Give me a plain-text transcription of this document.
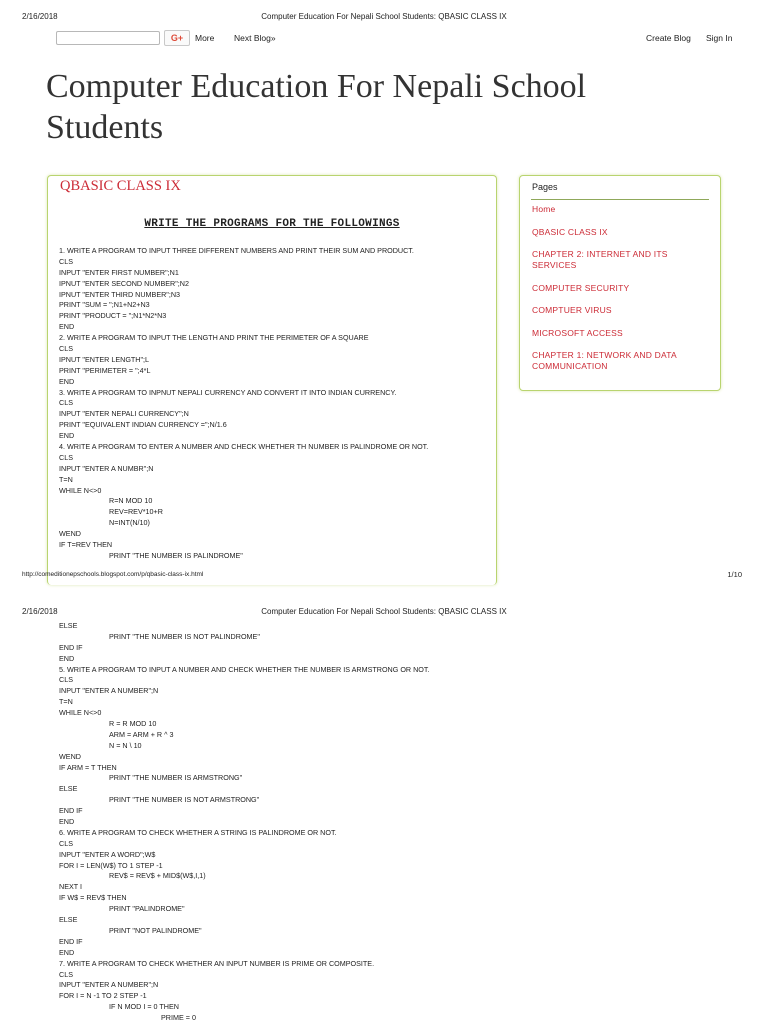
2/16/2018	Computer Education For Nepali School Students: QBASIC CLASS IX
G+	More Next Blog»	Create Blog Sign In
Computer Education For Nepali School
Students
QBASIC CLASS IX
WRITE THE PROGRAMS FOR THE FOLLOWINGS
1. WRITE A PROGRAM TO INPUT THREE DIFFERENT NUMBERS AND PRINT THEIR SUM AND PRODUCT.
CLS
INPUT "ENTER FIRST NUMBER";N1
IPNUT "ENTER SECOND NUMBER";N2
IPNUT "ENTER THIRD NUMBER";N3
PRINT "SUM = ";N1+N2+N3
PRINT "PRODUCT = ";N1*N2*N3
END
2. WRITE A PROGRAM TO INPUT THE LENGTH AND PRINT THE PERIMETER OF A SQUARE
CLS
IPNUT "ENTER LENGTH";L
PRINT "PERIMETER = ";4*L
END
3. WRITE A PROGRAM TO INPNUT NEPALI CURRENCY AND CONVERT IT INTO INDIAN CURRENCY.
CLS
INPUT "ENTER NEPALI CURRENCY";N
PRINT "EQUIVALENT INDIAN CURRENCY =";N/1.6
END
4. WRITE A PROGRAM TO ENTER A NUMBER AND CHECK WHETHER TH NUMBER IS PALINDROME OR NOT.
CLS
INPUT "ENTER A NUMBR";N
T=N
WHILE N<>0
R=N MOD 10
REV=REV*10+R
N=INT(N/10)
WEND
IF T=REV THEN
PRINT "THE NUMBER IS PALINDROME"
Pages
Home
QBASIC CLASS IX
CHAPTER 2: INTERNET AND ITS SERVICES
COMPUTER SECURITY
COMPTUER VIRUS
MICROSOFT ACCESS
CHAPTER 1: NETWORK AND DATA COMMUNICATION
http://comeditionepschools.blogspot.com/p/qbasic-class-ix.html	1/10
2/16/2018	Computer Education For Nepali School Students: QBASIC CLASS IX
ELSE
PRINT "THE NUMBER IS NOT PALINDROME"
END IF
END
5. WRITE A PROGRAM TO INPUT A NUMBER AND CHECK WHETHER THE NUMBER IS ARMSTRONG OR NOT.
CLS
INPUT "ENTER A NUMBER";N
T=N
WHILE N<>0
R = R MOD 10
ARM = ARM + R ^ 3
N = N \ 10
WEND
IF ARM = T THEN
PRINT "THE NUMBER IS ARMSTRONG"
ELSE
PRINT "THE NUMBER IS NOT ARMSTRONG"
END IF
END
6. WRITE A PROGRAM TO CHECK WHETHER A STRING IS PALINDROME OR NOT.
CLS
INPUT "ENTER A WORD";W$
FOR I = LEN(W$) TO 1 STEP -1
REV$ = REV$ + MID$(W$,I,1)
NEXT I
IF W$ = REV$ THEN
PRINT "PALINDROME"
ELSE
PRINT "NOT PALINDROME"
END IF
END
7. WRITE A PROGRAM TO CHECK WHETHER AN INPUT NUMBER IS PRIME OR COMPOSITE.
CLS
INPUT "ENTER A NUMBER";N
FOR I = N -1 TO 2 STEP -1
IF N MOD I = 0 THEN
PRIME = 0
